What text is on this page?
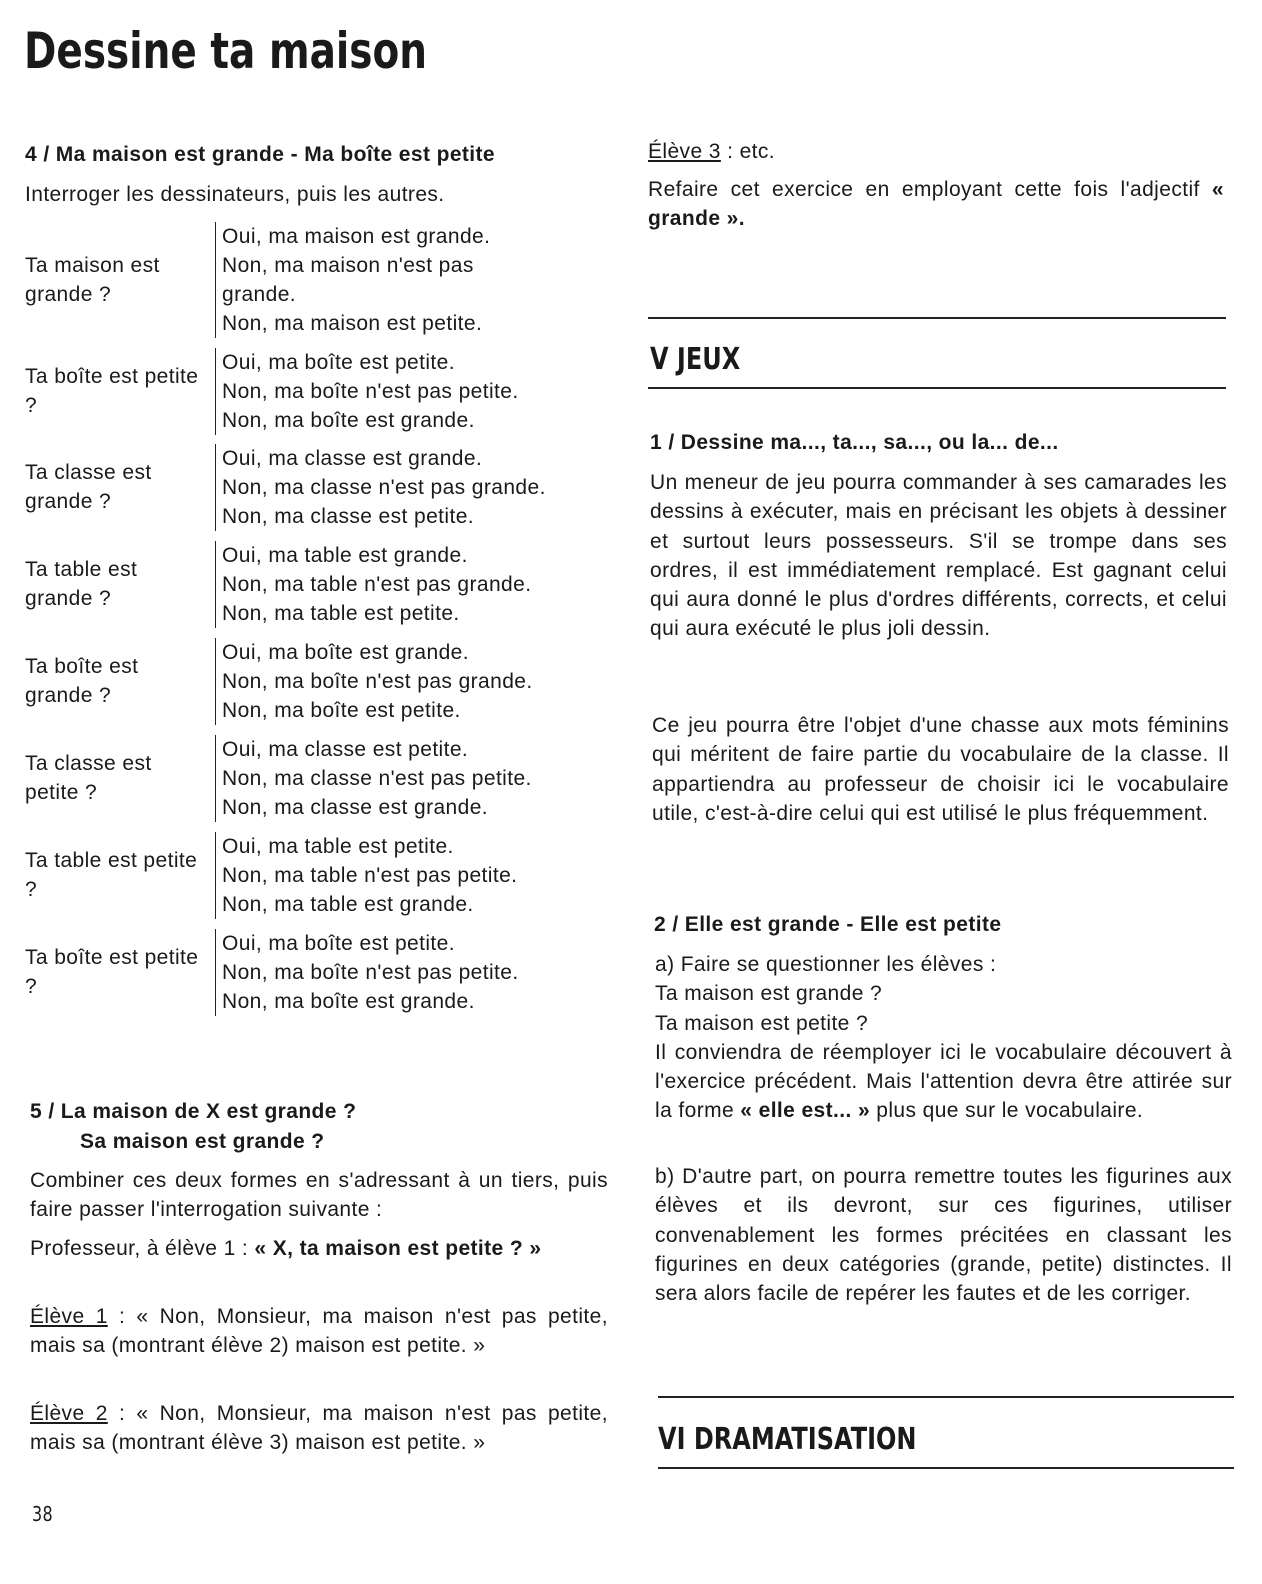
Dessine ta maison
4 / Ma maison est grande - Ma boîte est petite
Interroger les dessinateurs, puis les autres.
Ta maison est grande ?
Oui, ma maison est grande.
Non, ma maison n'est pas
grande.
Non, ma maison est petite.
Ta boîte est petite ?
Oui, ma boîte est petite.
Non, ma boîte n'est pas petite.
Non, ma boîte est grande.
Ta classe est grande ?
Oui, ma classe est grande.
Non, ma classe n'est pas grande.
Non, ma classe est petite.
Ta table est grande ?
Oui, ma table est grande.
Non, ma table n'est pas grande.
Non, ma table est petite.
Ta boîte est grande ?
Oui, ma boîte est grande.
Non, ma boîte n'est pas grande.
Non, ma boîte est petite.
Ta classe est petite ?
Oui, ma classe est petite.
Non, ma classe n'est pas petite.
Non, ma classe est grande.
Ta table est petite ?
Oui, ma table est petite.
Non, ma table n'est pas petite.
Non, ma table est grande.
Ta boîte est petite ?
Oui, ma boîte est petite.
Non, ma boîte n'est pas petite.
Non, ma boîte est grande.
5 / La maison de X est grande ?
Sa maison est grande ?
Combiner ces deux formes en s'adressant à un tiers, puis faire passer l'interrogation suivante :
Professeur, à élève 1 : « X, ta maison est petite ? »
Élève 1 : « Non, Monsieur, ma maison n'est pas petite, mais sa (montrant élève 2) maison est petite. »
Élève 2 : « Non, Monsieur, ma maison n'est pas petite, mais sa (montrant élève 3) maison est petite. »
38
Élève 3 : etc.
Refaire cet exercice en employant cette fois l'adjectif « grande ».
V JEUX
1 / Dessine ma..., ta..., sa..., ou la... de...
Un meneur de jeu pourra commander à ses camarades les dessins à exécuter, mais en précisant les objets à dessiner et surtout leurs possesseurs. S'il se trompe dans ses ordres, il est immédiatement remplacé. Est gagnant celui qui aura donné le plus d'ordres différents, corrects, et celui qui aura exécuté le plus joli dessin.
Ce jeu pourra être l'objet d'une chasse aux mots féminins qui méritent de faire partie du vocabulaire de la classe. Il appartiendra au professeur de choisir ici le vocabulaire utile, c'est-à-dire celui qui est utilisé le plus fréquemment.
2 / Elle est grande - Elle est petite
a) Faire se questionner les élèves :
Ta maison est grande ?
Ta maison est petite ?
Il conviendra de réemployer ici le vocabulaire découvert à l'exercice précédent. Mais l'attention devra être attirée sur la forme « elle est... » plus que sur le vocabulaire.
b) D'autre part, on pourra remettre toutes les figurines aux élèves et ils devront, sur ces figurines, utiliser convenablement les formes précitées en classant les figurines en deux catégories (grande, petite) distinctes. Il sera alors facile de repérer les fautes et de les corriger.
VI DRAMATISATION
